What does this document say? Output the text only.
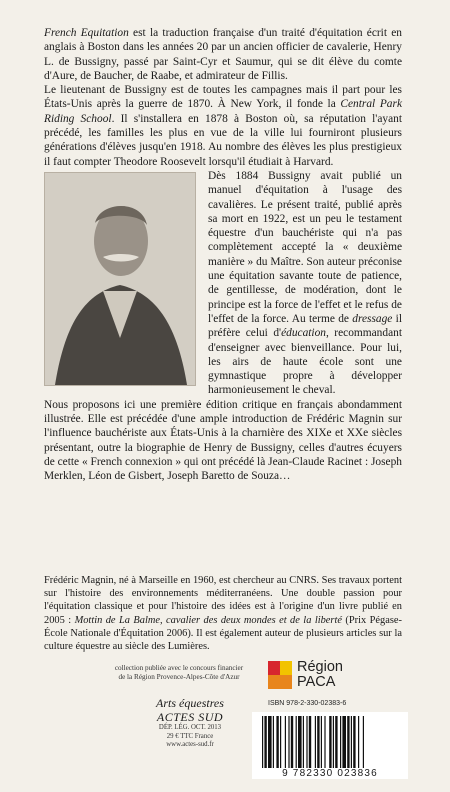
French Equitation est la traduction française d'un traité d'équitation écrit en anglais à Boston dans les années 20 par un ancien officier de cavalerie, Henry L. de Bussigny, passé par Saint-Cyr et Saumur, qui se dit élève du comte d'Aure, de Baucher, de Raabe, et admirateur de Fillis.

Le lieutenant de Bussigny est de toutes les campagnes mais il part pour les États-Unis après la guerre de 1870. À New York, il fonde la Central Park Riding School. Il s'installera en 1878 à Boston où, sa réputation l'ayant précédé, les familles les plus en vue de la ville lui fourniront plusieurs générations d'élèves jusqu'en 1918. Au nombre des élèves les plus prestigieux il faut compter Theodore Roosevelt lorsqu'il étudiait à Harvard.

Dès 1884 Bussigny avait publié un manuel d'équitation à l'usage des cavalières. Le présent traité, publié après sa mort en 1922, est un peu le testament équestre d'un bauchériste qui n'a pas complètement accepté la « deuxième manière » du Maître. Son auteur préconise une équitation savante toute de patience, de gentillesse, de modération, dont le principe est la force de l'effet et le refus de l'effet de la force. Au terme de dressage il préfère celui d'éducation, recommandant d'enseigner avec bienveillance. Pour lui, les airs de haute école sont une gymnastique propre à développer harmonieusement le cheval.

Nous proposons ici une première édition critique en français abondamment illustrée. Elle est précédée d'une ample introduction de Frédéric Magnin sur l'influence bauchériste aux États-Unis à la charnière des XIXe et XXe siècles présentant, outre la biographie de Henry de Bussigny, celles d'autres écuyers de cette « French connexion » qui ont précédé là Jean-Claude Racinet : Joseph Merklen, Léon de Gisbert, Joseph Baretto de Souza…

Frédéric Magnin, né à Marseille en 1960, est chercheur au CNRS. Ses travaux portent sur l'histoire des environnements méditerranéens. Une double passion pour l'équitation classique et pour l'histoire des idées est à l'origine d'un livre publié en 2005 : Mottin de La Balme, cavalier des deux mondes et de la liberté (Prix Pégase-École Nationale d'Équitation 2006). Il est également auteur de plusieurs articles sur la culture équestre au siècle des Lumières.

collection publiée avec le concours financier
de la Région Provence-Alpes-Côte d'Azur
Région
PACA
Arts équestres
ACTES SUD
DÉP. LÉG. OCT. 2013
29 € TTC France
www.actes-sud.fr
ISBN 978-2-330-02383-6
9 782330 023836
